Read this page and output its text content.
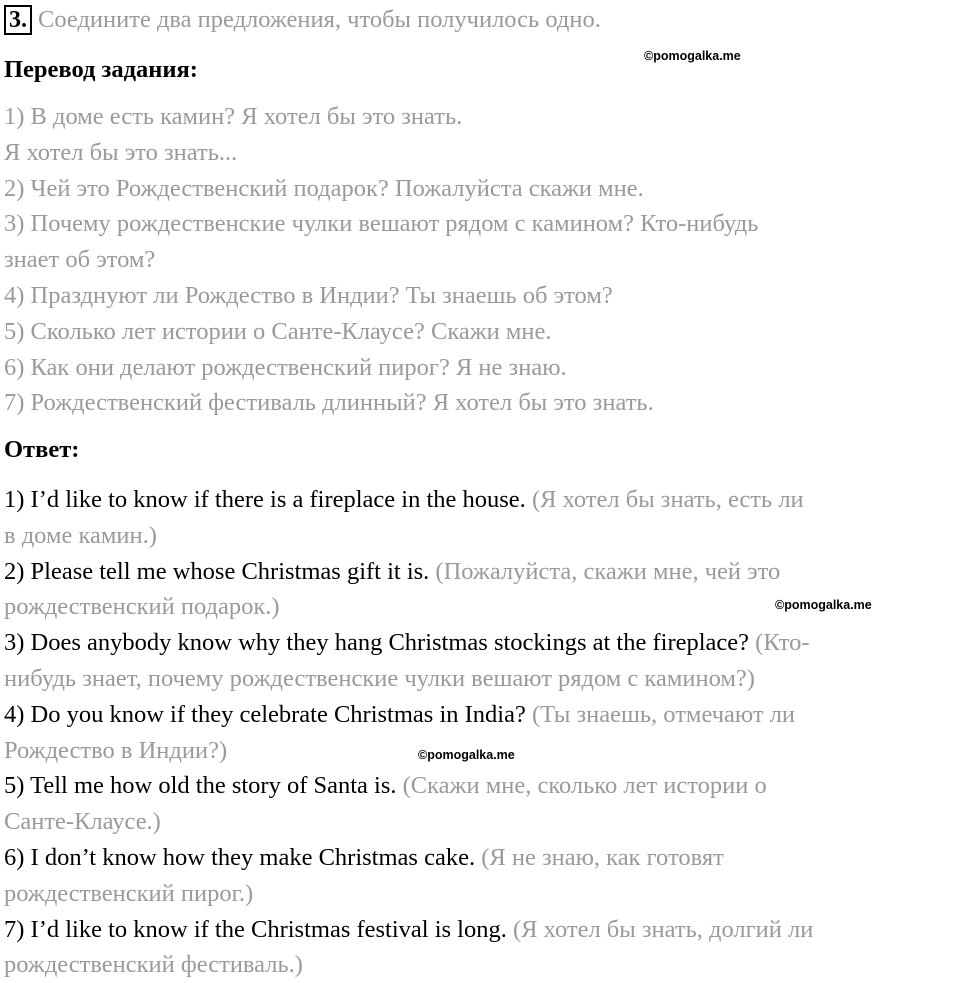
3. Соедините два предложения, чтобы получилось одно.
©pomogalka.me
©pomogalka.me
©pomogalka.me
Перевод задания:
1) В доме есть камин? Я хотел бы это знать.
Я хотел бы это знать...
2) Чей это Рождественский подарок? Пожалуйста скажи мне.
3) Почему рождественские чулки вешают рядом с камином? Кто-нибудь
знает об этом?
4) Празднуют ли Рождество в Индии? Ты знаешь об этом?
5) Сколько лет истории о Санте-Клаусе? Скажи мне.
6) Как они делают рождественский пирог? Я не знаю.
7) Рождественский фестиваль длинный? Я хотел бы это знать.
Ответ:
1) I’d like to know if there is a fireplace in the house. (Я хотел бы знать, есть ли
в доме камин.)
2) Please tell me whose Christmas gift it is. (Пожалуйста, скажи мне, чей это
рождественский подарок.)
3) Does anybody know why they hang Christmas stockings at the fireplace? (Кто-
нибудь знает, почему рождественские чулки вешают рядом с камином?)
4) Do you know if they celebrate Christmas in India? (Ты знаешь, отмечают ли
Рождество в Индии?)
5) Tell me how old the story of Santa is. (Скажи мне, сколько лет истории о
Санте-Клаусе.)
6) I don’t know how they make Christmas cake. (Я не знаю, как готовят
рождественский пирог.)
7) I’d like to know if the Christmas festival is long. (Я хотел бы знать, долгий ли
рождественский фестиваль.)
